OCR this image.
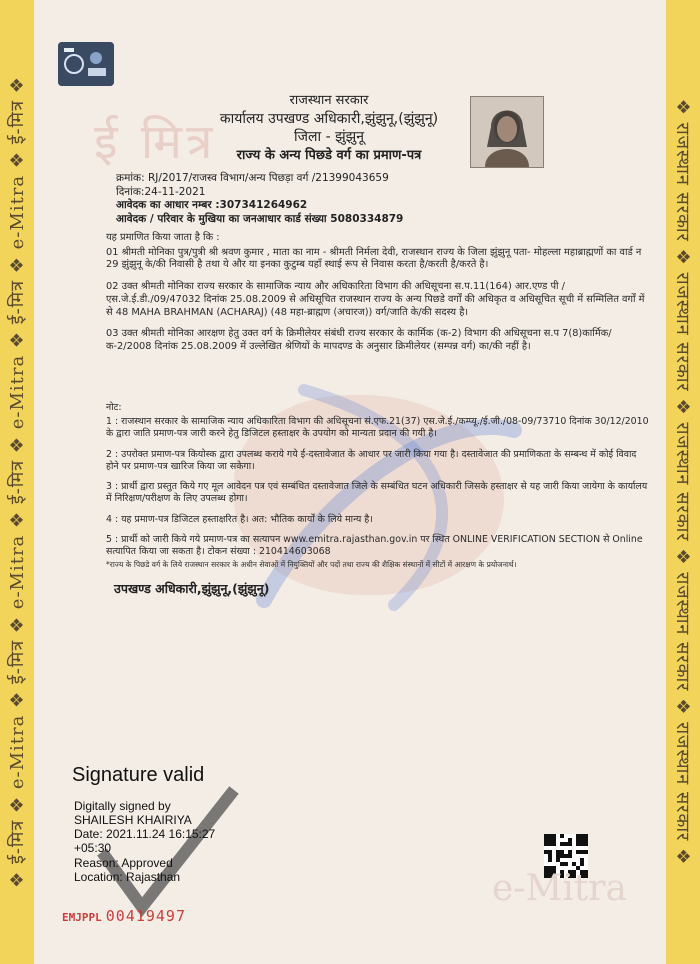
❖ ई-मित्र ❖ e-Mitra ❖ ई-मित्र ❖ e-Mitra ❖ ई-मित्र ❖ e-Mitra ❖ ई-मित्र ❖ e-Mitra ❖ ई-मित्र ❖	❖ राजस्थान सरकार ❖ राजस्थान सरकार ❖ राजस्थान सरकार ❖ राजस्थान सरकार ❖ राजस्थान सरकार ❖
ई मित्र
राजस्थान सरकार
कार्यालय उपखण्ड अधिकारी,झुंझुनू,(झुंझुनू)
जिला - झुंझुनू
राज्य के अन्य पिछडे वर्ग का प्रमाण-पत्र
क्रमांक: RJ/2017/राजस्व विभाग/अन्य पिछड़ा वर्ग /21399043659
दिनांक:24-11-2021
आवेदक का आधार नम्बर :307341264962
आवेदक / परिवार के मुखिया का जनआधार कार्ड संख्या 5080334879

यह प्रमाणित किया जाता है कि :

01 श्रीमती मोनिका पुत्र/पुत्री श्री श्रवण कुमार , माता का नाम - श्रीमती निर्मला देवी, राजस्थान राज्य के जिला झुंझुनू पता- मोहल्ला महाब्राह्मणों का वार्ड न 29 झुंझुनू के/की निवासी है तथा ये और या इनका कुटुम्ब यहाँ स्थाई रूप से निवास करता है/करती है/करते है।

02 उक्त श्रीमती मोनिका राज्य सरकार के सामाजिक न्याय और अधिकारिता विभाग की अधिसूचना स.प.11(164) आर.एण्ड पी /एस.जे.ई.डी./09/47032 दिनांक 25.08.2009 से अधिसूचित राजस्थान राज्य के अन्य पिछडे वर्गों की अधिकृत व अधिसूचित सूची में सम्मिलित वर्गों में से 48 MAHA BRAHMAN (ACHARAJ) (48 महा-ब्राह्मण (अचारज)) वर्ग/जाति के/की सदस्य है।

03 उक्त श्रीमती मोनिका आरक्षण हेतु उक्त वर्ग के क्रिमीलेयर संबंधी राज्य सरकार के कार्मिक (क-2) विभाग की अधिसूचना स.प 7(8)कार्मिक/क-2/2008 दिनांक 25.08.2009 में उल्लेखित श्रेणियों के मापदण्ड के अनुसार क्रिमीलेयर (सम्पन्न वर्ग) का/की नहीं है।

नोट:

1 : राजस्थान सरकार के सामाजिक न्याय अधिकारिता विभाग की अधिसूचना सं.एफ.21(37) एस.जे.ई./कम्प्यू./ई.जी./08-09/73710 दिनांक 30/12/2010 के द्वारा जाति प्रमाण-पत्र जारी करने हेतु डिजिटल हस्ताक्षर के उपयोग को मान्यता प्रदान की गयी है।

2 : उपरोक्त प्रमाण-पत्र कियोस्क द्वारा उपलब्ध कराये गये ई-दस्तावेजात के आधार पर जारी किया गया है। दस्तावेजात की प्रमाणिकता के सम्बन्ध में कोई विवाद होने पर प्रमाण-पत्र खारिज किया जा सकेगा।

3 : प्रार्थी द्वारा प्रस्तुत किये गए मूल आवेदन पत्र एवं सम्बंधित दस्तावेजात जिले के सम्बंधित घटन अधिकारी जिसके हस्ताक्षर से यह जारी किया जायेगा के कार्यालय में निरिक्षण/परीक्षण के लिए उपलब्ध होगा।

4 : यह प्रमाण-पत्र डिजिटल हस्ताक्षरित है। अत: भौतिक कार्यों के लिये मान्य है।

5 : प्रार्थी को जारी किये गये प्रमाण-पत्र का सत्यापन www.emitra.rajasthan.gov.in पर स्थित ONLINE VERIFICATION SECTION से Online सत्यापित किया जा सकता है। टोकन संख्या : 210414603068

*राज्य के पिछडे वर्ग के लिये राजस्थान सरकार के अधीन सेवाओं में नियुक्तियों और पदों तथा राज्य की शैक्षिक संस्थानों में सीटों में आरक्षण के प्रयोजनार्थ।

उपखण्ड अधिकारी,झुंझुनू,(झुंझुनू)
Signature valid
Digitally signed by
SHAILESH KHAIRIYA
Date: 2021.11.24 16:15:27
+05:30
Reason: Approved
Location: Rajasthan	e-Mitra
EMJPPL 00419497
